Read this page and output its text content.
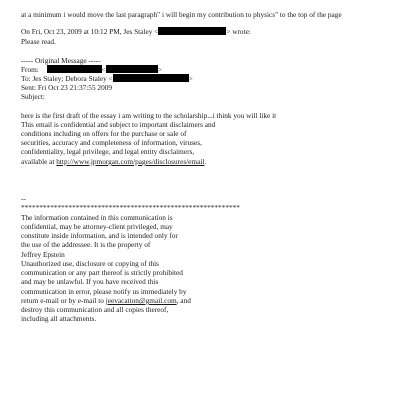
at a minimum i would move the last paragraph" i will begin my contribution to physics" to the top of the page
On Fri, Oct 23, 2009 at 10:12 PM, Jes Staley <	> wrote:
Please read.
----- Original Message -----
From:	<	>
To: Jes Staley; Debora Staley <	>
Sent: Fri Oct 23 21:37:55 2009
Subject:
here is the first draft of the essay i am writing to the scholarship...i think you will like it
This email is confidential and subject to important disclaimers and
conditions including on offers for the purchase or sale of
securities, accuracy and completeness of information, viruses,
confidentiality, legal privilege, and legal entity disclaimers,
available at http://www.jpmorgan.com/pages/disclosures/email.
--
************************************************************
The information contained in this communication is
confidential, may be attorney-client privileged, may
constitute inside information, and is intended only for
the use of the addressee. It is the property of
Jeffrey Epstein
Unauthorized use, disclosure or copying of this
communication or any part thereof is strictly prohibited
and may be unlawful. If you have received this
communication in error, please notify us immediately by
return e-mail or by e-mail to jeevacation@gmail.com, and
destroy this communication and all copies thereof,
including all attachments.
